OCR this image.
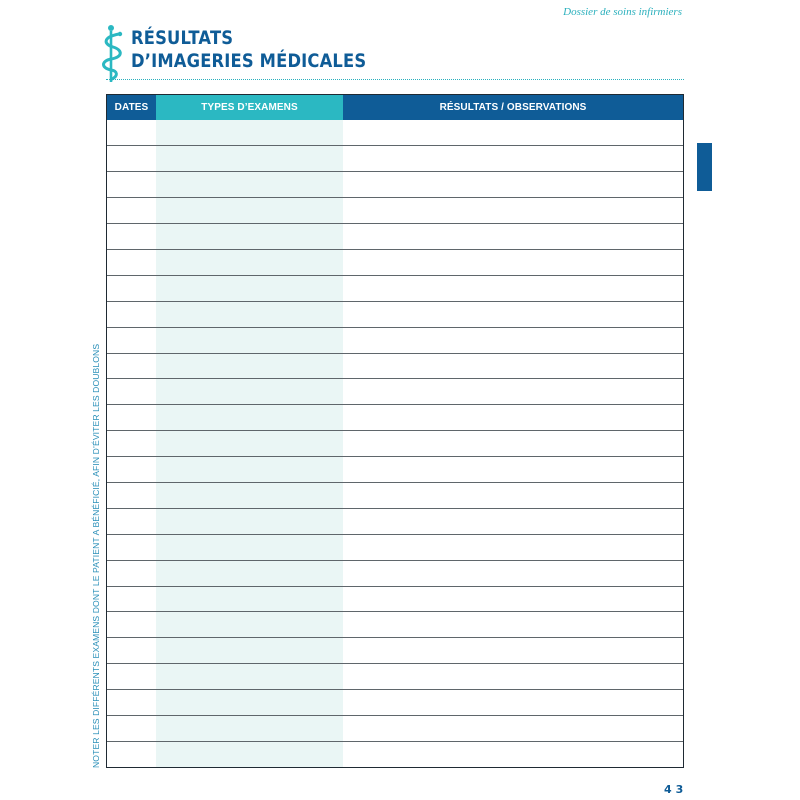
Dossier de soins infirmiers
RÉSULTATS
D’IMAGERIES MÉDICALES
DATES	TYPES D’EXAMENS	RÉSULTATS / OBSERVATIONS

NOTER LES DIFFÉRENTS EXAMENS DONT LE PATIENT A BÉNÉFICIÉ, AFIN D’ÉVITER LES DOUBLONS
43
